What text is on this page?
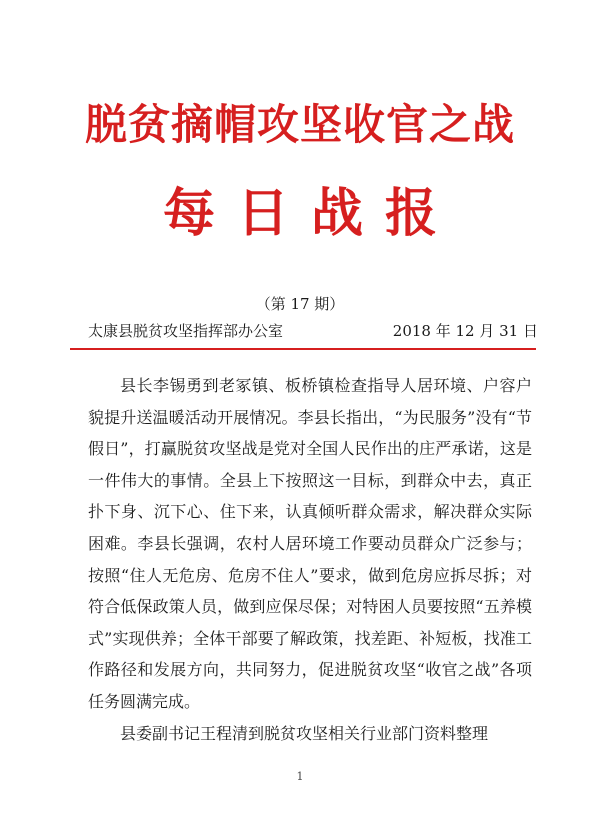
脱贫摘帽攻坚收官之战
每日战报
（第 17 期）
太康县脱贫攻坚指挥部办公室	2018 年 12 月 31 日

县长李锡勇到老冢镇、板桥镇检查指导人居环境、户容户貌提升送温暖活动开展情况。李县长指出，“为民服务”没有“节假日”，打赢脱贫攻坚战是党对全国人民作出的庄严承诺，这是一件伟大的事情。全县上下按照这一目标，到群众中去，真正扑下身、沉下心、住下来，认真倾听群众需求，解决群众实际困难。李县长强调，农村人居环境工作要动员群众广泛参与；按照“住人无危房、危房不住人”要求，做到危房应拆尽拆；对符合低保政策人员，做到应保尽保；对特困人员要按照“五养模式”实现供养；全体干部要了解政策，找差距、补短板，找准工作路径和发展方向，共同努力，促进脱贫攻坚“收官之战”各项任务圆满完成。

县委副书记王程清到脱贫攻坚相关行业部门资料整理

1
